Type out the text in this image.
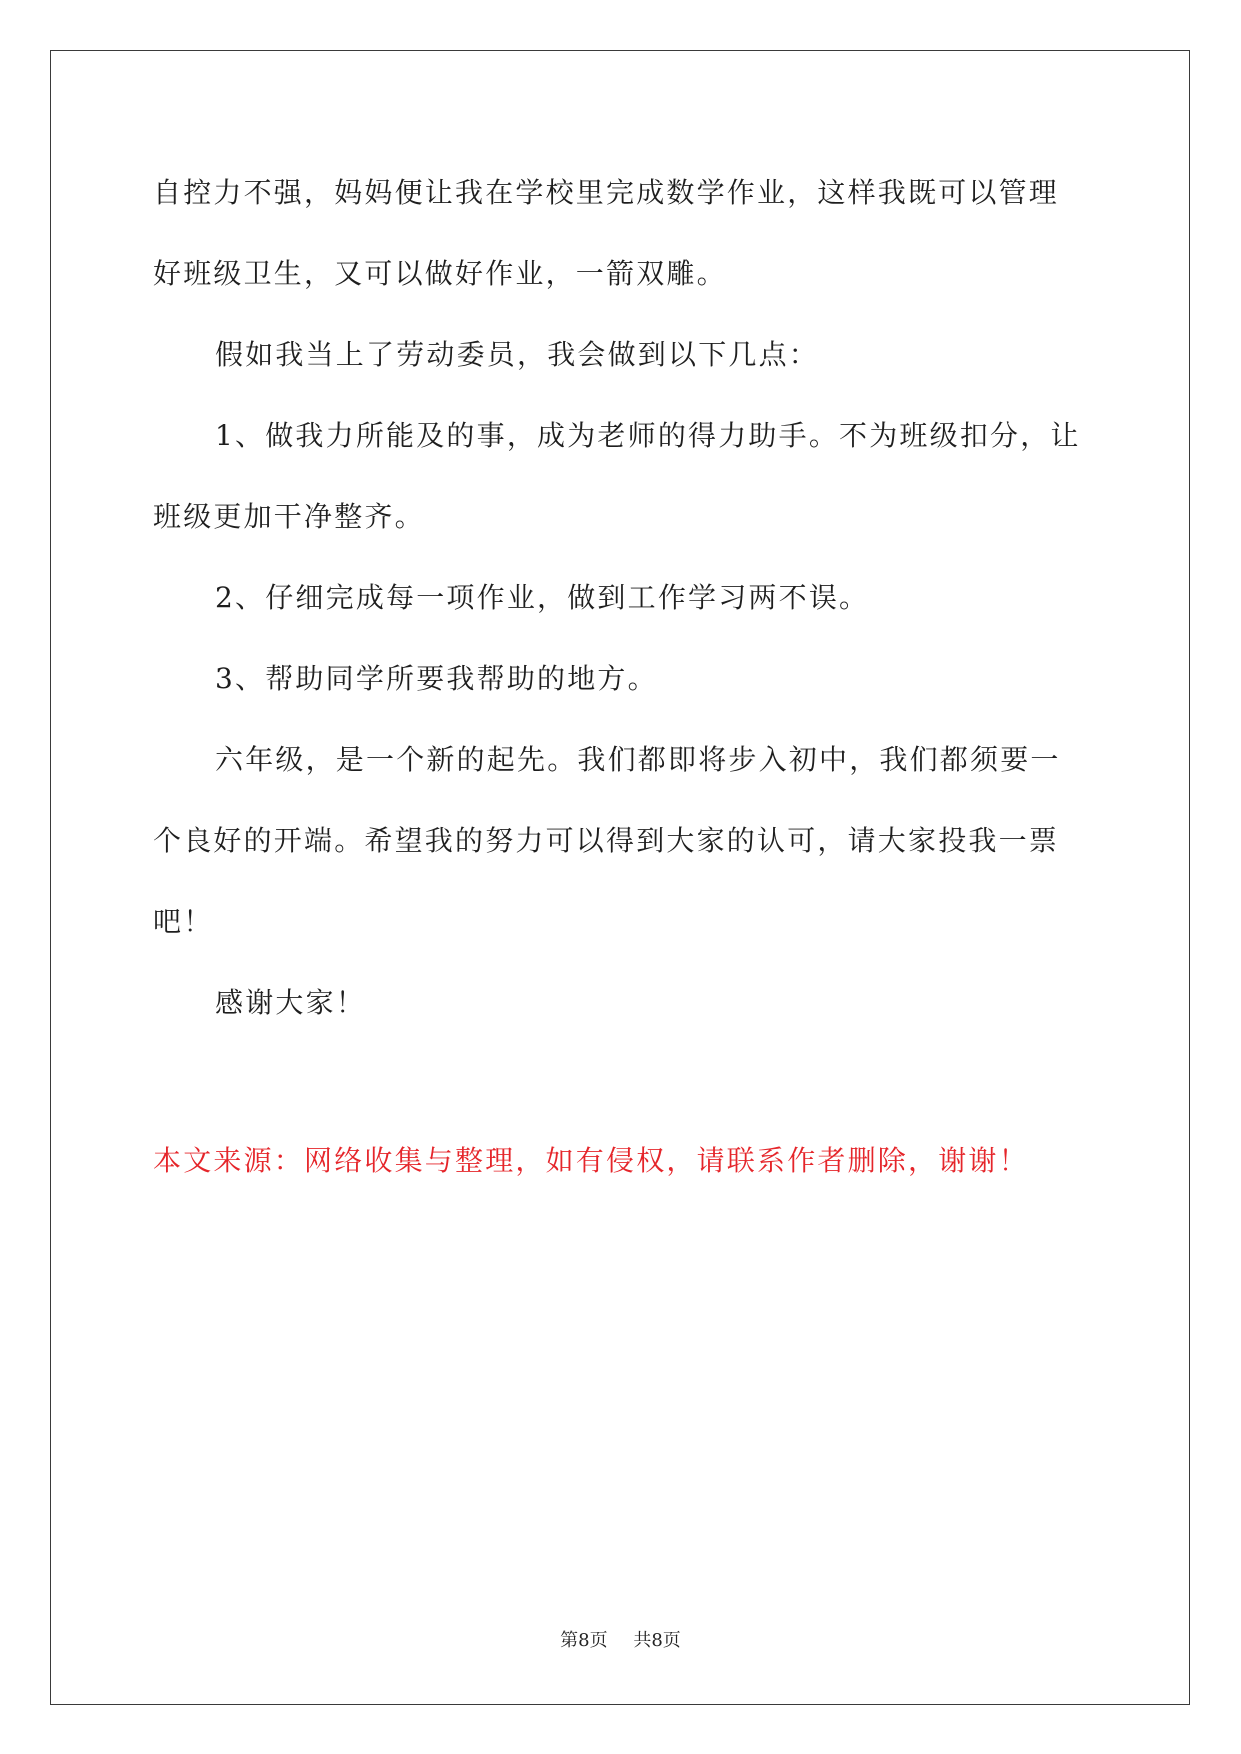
自控力不强，妈妈便让我在学校里完成数学作业，这样我既可以管理
好班级卫生，又可以做好作业，一箭双雕。
假如我当上了劳动委员，我会做到以下几点：
1、做我力所能及的事，成为老师的得力助手。不为班级扣分，让
班级更加干净整齐。
2、仔细完成每一项作业，做到工作学习两不误。
3、帮助同学所要我帮助的地方。
六年级，是一个新的起先。我们都即将步入初中，我们都须要一
个良好的开端。希望我的努力可以得到大家的认可，请大家投我一票
吧！
感谢大家！
本文来源：网络收集与整理，如有侵权，请联系作者删除，谢谢！
第8页 共8页
